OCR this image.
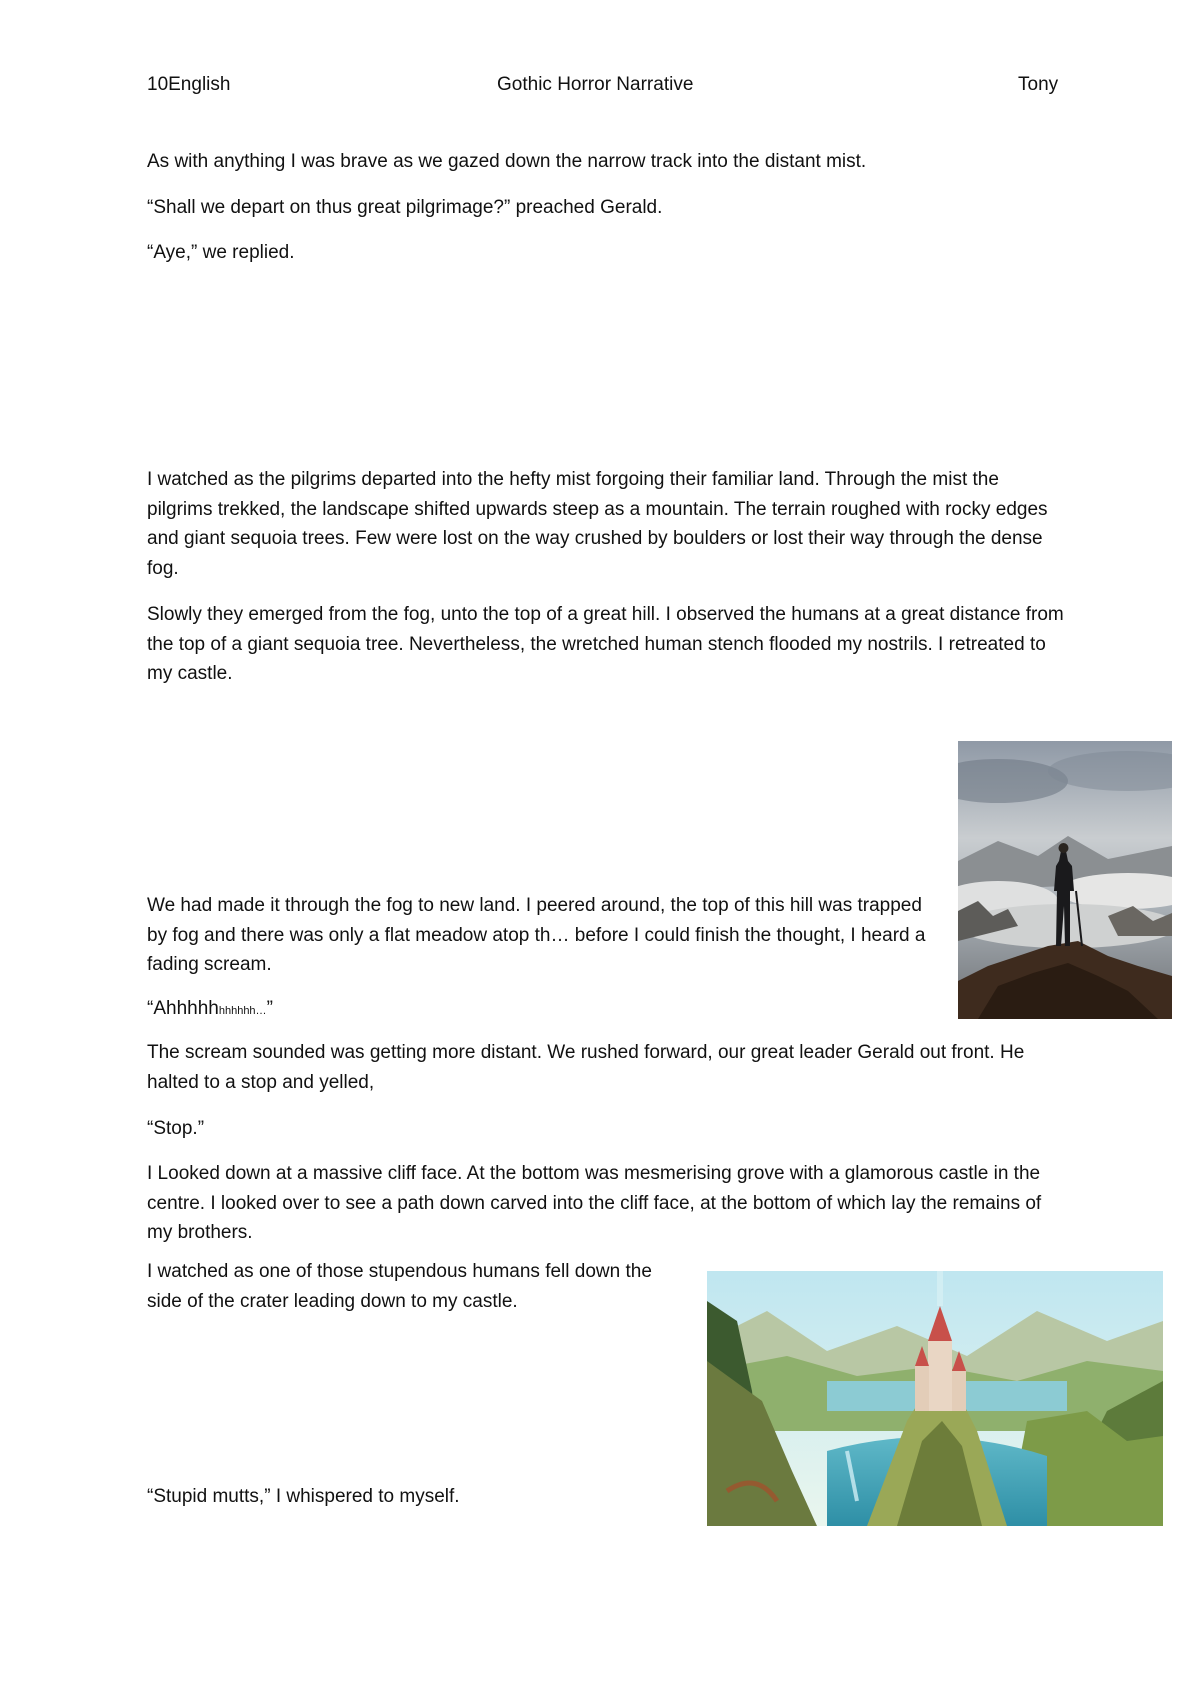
10English	Gothic Horror Narrative	Tony

As with anything I was brave as we gazed down the narrow track into the distant mist.

“Shall we depart on thus great pilgrimage?” preached Gerald.

“Aye,” we replied.

I watched as the pilgrims departed into the hefty mist forgoing their familiar land. Through the mist the pilgrims trekked, the landscape shifted upwards steep as a mountain. The terrain roughed with rocky edges and giant sequoia trees. Few were lost on the way crushed by boulders or lost their way through the dense fog.

Slowly they emerged from the fog, unto the top of a great hill. I observed the humans at a great distance from the top of a giant sequoia tree. Nevertheless, the wretched human stench flooded my nostrils. I retreated to my castle.

We had made it through the fog to new land. I peered around, the top of this hill was trapped by fog and there was only a flat meadow atop th… before I could finish the thought, I heard a fading scream.

“Ahhhhhhhhhhh…”

The scream sounded was getting more distant. We rushed forward, our great leader Gerald out front. He halted to a stop and yelled,

“Stop.”

I Looked down at a massive cliff face. At the bottom was mesmerising grove with a glamorous castle in the centre. I looked over to see a path down carved into the cliff face, at the bottom of which lay the remains of my brothers.

I watched as one of those stupendous humans fell down the side of the crater leading down to my castle.

“Stupid mutts,” I whispered to myself.
